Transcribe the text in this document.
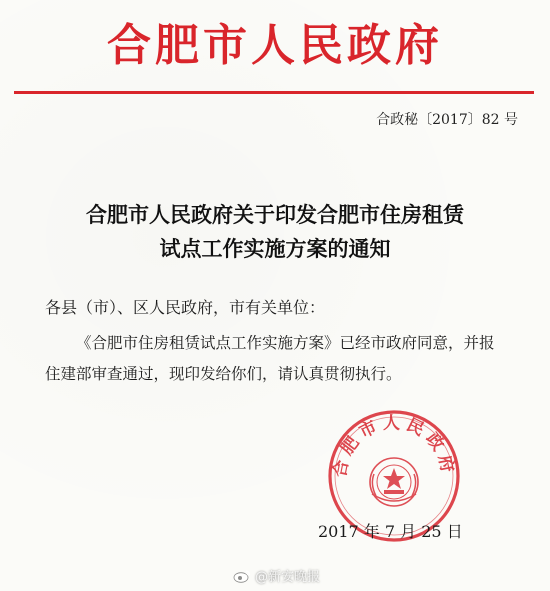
合肥市人民政府
合政秘〔2017〕82 号
合肥市人民政府关于印发合肥市住房租赁
试点工作实施方案的通知
各县（市）、区人民政府，市有关单位：
《合肥市住房租赁试点工作实施方案》已经市政府同意，并报住建部审查通过，现印发给你们，请认真贯彻执行。
合肥市人民政府
2017 年 7 月 25 日
@新安晚报
